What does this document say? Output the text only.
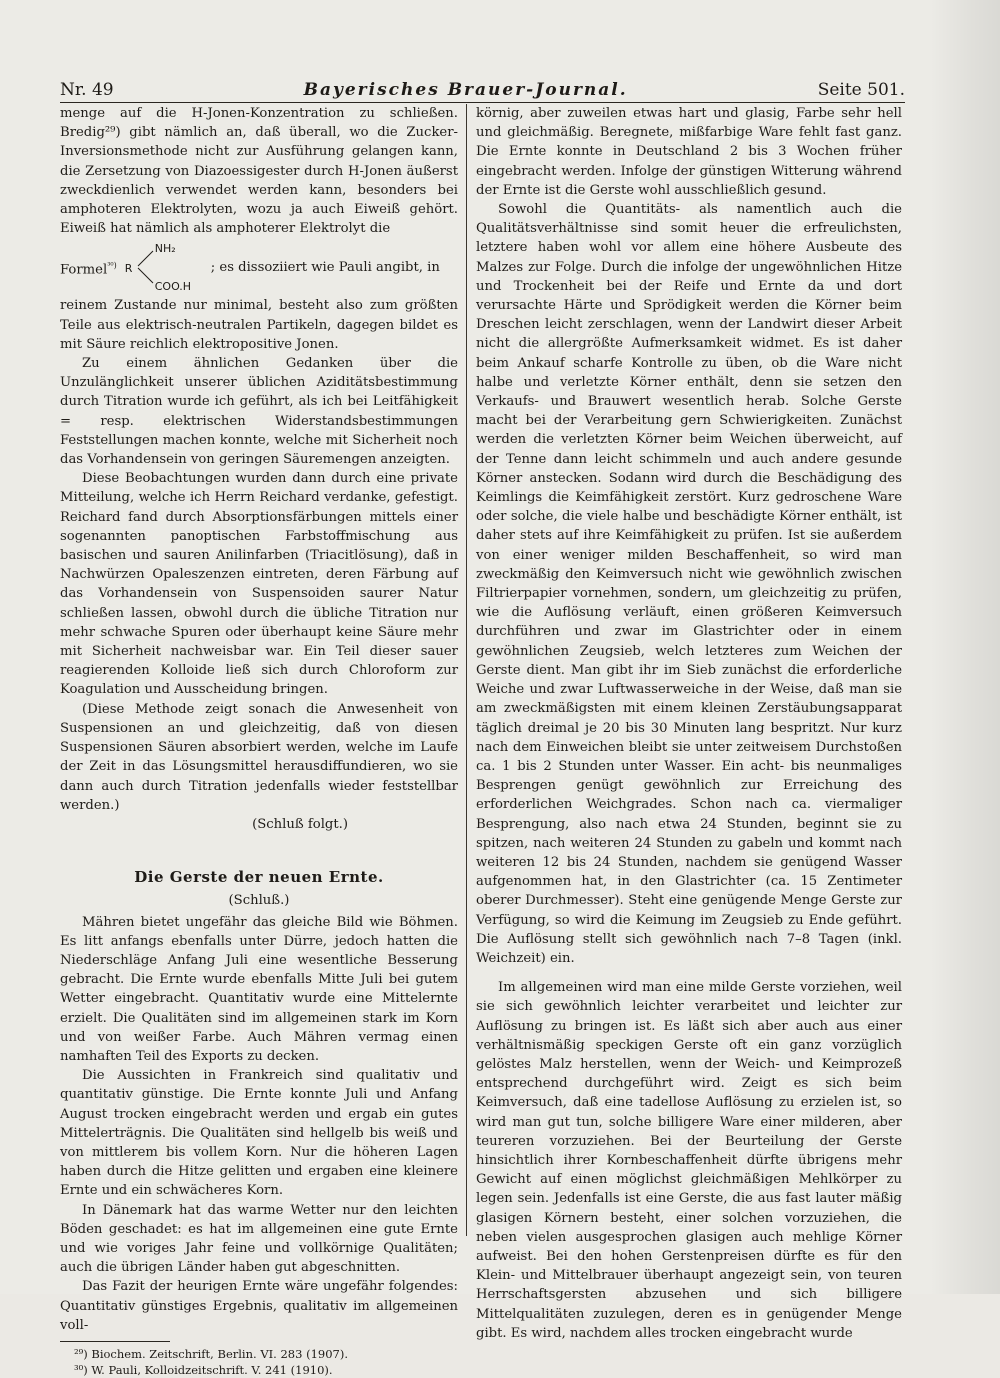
Nr. 49	Bayerisches Brauer-Journal.	Seite 501.

menge auf die H-Jonen-Konzentration zu schließen. Bredig²⁹) gibt nämlich an, daß überall, wo die Zucker-Inversionsmethode nicht zur Ausführung gelangen kann, die Zersetzung von Diazoessigester durch H-Jonen äußerst zweckdienlich verwendet werden kann, besonders bei amphoteren Elektrolyten, wozu ja auch Eiweiß gehört. Eiweiß hat nämlich als amphoterer Elektrolyt die

Formel$^{^{30})}$ R
NH₂
COO.H
; es dissoziiert wie Pauli angibt, in

reinem Zustande nur minimal, besteht also zum größten Teile aus elektrisch-neutralen Partikeln, dagegen bildet es mit Säure reichlich elektropositive Jonen.

Zu einem ähnlichen Gedanken über die Unzulänglichkeit unserer üblichen Aziditätsbestimmung durch Titration wurde ich geführt, als ich bei Leitfähigkeit = resp. elektrischen Widerstandsbestimmungen Feststellungen machen konnte, welche mit Sicherheit noch das Vorhandensein von geringen Säuremengen anzeigten.

Diese Beobachtungen wurden dann durch eine private Mitteilung, welche ich Herrn Reichard verdanke, gefestigt. Reichard fand durch Absorptionsfärbungen mittels einer sogenannten panoptischen Farbstoffmischung aus basischen und sauren Anilinfarben (Triacitlösung), daß in Nachwürzen Opaleszenzen eintreten, deren Färbung auf das Vorhandensein von Suspensoiden saurer Natur schließen lassen, obwohl durch die übliche Titration nur mehr schwache Spuren oder überhaupt keine Säure mehr mit Sicherheit nachweisbar war. Ein Teil dieser sauer reagierenden Kolloide ließ sich durch Chloroform zur Koagulation und Ausscheidung bringen.

(Diese Methode zeigt sonach die Anwesenheit von Suspensionen an und gleichzeitig, daß von diesen Suspensionen Säuren absorbiert werden, welche im Laufe der Zeit in das Lösungsmittel herausdiffundieren, wo sie dann auch durch Titration jedenfalls wieder feststellbar werden.)

(Schluß folgt.)

Die Gerste der neuen Ernte.
(Schluß.)

Mähren bietet ungefähr das gleiche Bild wie Böhmen. Es litt anfangs ebenfalls unter Dürre, jedoch hatten die Niederschläge Anfang Juli eine wesentliche Besserung gebracht. Die Ernte wurde ebenfalls Mitte Juli bei gutem Wetter eingebracht. Quantitativ wurde eine Mittelernte erzielt. Die Qualitäten sind im allgemeinen stark im Korn und von weißer Farbe. Auch Mähren vermag einen namhaften Teil des Exports zu decken.

Die Aussichten in Frankreich sind qualitativ und quantitativ günstige. Die Ernte konnte Juli und Anfang August trocken eingebracht werden und ergab ein gutes Mittelerträgnis. Die Qualitäten sind hellgelb bis weiß und von mittlerem bis vollem Korn. Nur die höheren Lagen haben durch die Hitze gelitten und ergaben eine kleinere Ernte und ein schwächeres Korn.

In Dänemark hat das warme Wetter nur den leichten Böden geschadet: es hat im allgemeinen eine gute Ernte und wie voriges Jahr feine und vollkörnige Qualitäten; auch die übrigen Länder haben gut abgeschnitten.

Das Fazit der heurigen Ernte wäre ungefähr folgendes: Quantitativ günstiges Ergebnis, qualitativ im allgemeinen voll-

²⁹) Biochem. Zeitschrift, Berlin. VI. 283 (1907).
³⁰) W. Pauli, Kolloidzeitschrift. V. 241 (1910).

körnig, aber zuweilen etwas hart und glasig, Farbe sehr hell und gleichmäßig. Beregnete, mißfarbige Ware fehlt fast ganz. Die Ernte konnte in Deutschland 2 bis 3 Wochen früher eingebracht werden. Infolge der günstigen Witterung während der Ernte ist die Gerste wohl ausschließlich gesund.

Sowohl die Quantitäts- als namentlich auch die Qualitätsverhältnisse sind somit heuer die erfreulichsten, letztere haben wohl vor allem eine höhere Ausbeute des Malzes zur Folge. Durch die infolge der ungewöhnlichen Hitze und Trockenheit bei der Reife und Ernte da und dort verursachte Härte und Sprödigkeit werden die Körner beim Dreschen leicht zerschlagen, wenn der Landwirt dieser Arbeit nicht die allergrößte Aufmerksamkeit widmet. Es ist daher beim Ankauf scharfe Kontrolle zu üben, ob die Ware nicht halbe und verletzte Körner enthält, denn sie setzen den Verkaufs- und Brauwert wesentlich herab. Solche Gerste macht bei der Verarbeitung gern Schwierigkeiten. Zunächst werden die verletzten Körner beim Weichen überweicht, auf der Tenne dann leicht schimmeln und auch andere gesunde Körner anstecken. Sodann wird durch die Beschädigung des Keimlings die Keimfähigkeit zerstört. Kurz gedroschene Ware oder solche, die viele halbe und beschädigte Körner enthält, ist daher stets auf ihre Keimfähigkeit zu prüfen. Ist sie außerdem von einer weniger milden Beschaffenheit, so wird man zweckmäßig den Keimversuch nicht wie gewöhnlich zwischen Filtrierpapier vornehmen, sondern, um gleichzeitig zu prüfen, wie die Auflösung verläuft, einen größeren Keimversuch durchführen und zwar im Glastrichter oder in einem gewöhnlichen Zeugsieb, welch letzteres zum Weichen der Gerste dient. Man gibt ihr im Sieb zunächst die erforderliche Weiche und zwar Luftwasserweiche in der Weise, daß man sie am zweckmäßigsten mit einem kleinen Zerstäubungsapparat täglich dreimal je 20 bis 30 Minuten lang bespritzt. Nur kurz nach dem Einweichen bleibt sie unter zeitweisem Durchstoßen ca. 1 bis 2 Stunden unter Wasser. Ein acht- bis neunmaliges Besprengen genügt gewöhnlich zur Erreichung des erforderlichen Weichgrades. Schon nach ca. viermaliger Besprengung, also nach etwa 24 Stunden, beginnt sie zu spitzen, nach weiteren 24 Stunden zu gabeln und kommt nach weiteren 12 bis 24 Stunden, nachdem sie genügend Wasser aufgenommen hat, in den Glastrichter (ca. 15 Zentimeter oberer Durchmesser). Steht eine genügende Menge Gerste zur Verfügung, so wird die Keimung im Zeugsieb zu Ende geführt. Die Auflösung stellt sich gewöhnlich nach 7–8 Tagen (inkl. Weichzeit) ein.

Im allgemeinen wird man eine milde Gerste vorziehen, weil sie sich gewöhnlich leichter verarbeitet und leichter zur Auflösung zu bringen ist. Es läßt sich aber auch aus einer verhältnismäßig speckigen Gerste oft ein ganz vorzüglich gelöstes Malz herstellen, wenn der Weich- und Keimprozeß entsprechend durchgeführt wird. Zeigt es sich beim Keimversuch, daß eine tadellose Auflösung zu erzielen ist, so wird man gut tun, solche billigere Ware einer milderen, aber teureren vorzuziehen. Bei der Beurteilung der Gerste hinsichtlich ihrer Kornbeschaffenheit dürfte übrigens mehr Gewicht auf einen möglichst gleichmäßigen Mehlkörper zu legen sein. Jedenfalls ist eine Gerste, die aus fast lauter mäßig glasigen Körnern besteht, einer solchen vorzuziehen, die neben vielen ausgesprochen glasigen auch mehlige Körner aufweist. Bei den hohen Gerstenpreisen dürfte es für den Klein- und Mittelbrauer überhaupt angezeigt sein, von teuren Herrschaftsgersten abzusehen und sich billigere Mittelqualitäten zuzulegen, deren es in genügender Menge gibt. Es wird, nachdem alles trocken eingebracht wurde
